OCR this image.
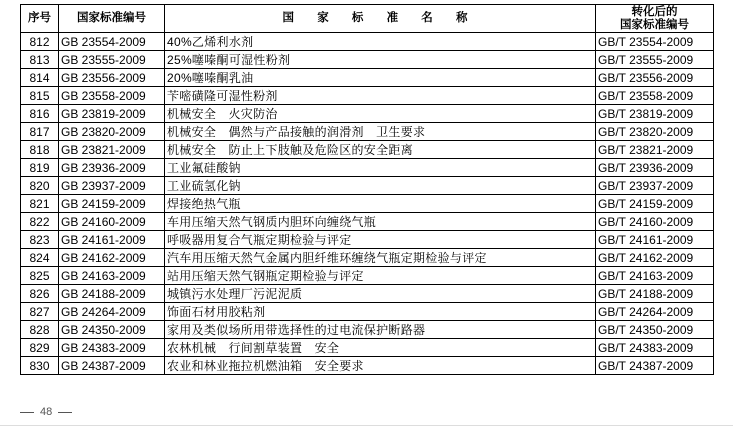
序号	国家标准编号	国 家 标 准 名 称	转化后的
国家标准编号

812	GB 23554-2009	40%乙烯利水剂	GB/T 23554-2009
813	GB 23555-2009	25%噻嗪酮可湿性粉剂	GB/T 23555-2009
814	GB 23556-2009	20%噻嗪酮乳油	GB/T 23556-2009
815	GB 23558-2009	苄嘧磺隆可湿性粉剂	GB/T 23558-2009
816	GB 23819-2009	机械安全　火灾防治	GB/T 23819-2009
817	GB 23820-2009	机械安全　偶然与产品接触的润滑剂　卫生要求	GB/T 23820-2009
818	GB 23821-2009	机械安全　防止上下肢触及危险区的安全距离	GB/T 23821-2009
819	GB 23936-2009	工业氟硅酸钠	GB/T 23936-2009
820	GB 23937-2009	工业硫氢化钠	GB/T 23937-2009
821	GB 24159-2009	焊接绝热气瓶	GB/T 24159-2009
822	GB 24160-2009	车用压缩天然气钢质内胆环向缠绕气瓶	GB/T 24160-2009
823	GB 24161-2009	呼吸器用复合气瓶定期检验与评定	GB/T 24161-2009
824	GB 24162-2009	汽车用压缩天然气金属内胆纤维环缠绕气瓶定期检验与评定	GB/T 24162-2009
825	GB 24163-2009	站用压缩天然气钢瓶定期检验与评定	GB/T 24163-2009
826	GB 24188-2009	城镇污水处理厂污泥泥质	GB/T 24188-2009
827	GB 24264-2009	饰面石材用胶粘剂	GB/T 24264-2009
828	GB 24350-2009	家用及类似场所用带选择性的过电流保护断路器	GB/T 24350-2009
829	GB 24383-2009	农林机械　行间割草装置　安全	GB/T 24383-2009
830	GB 24387-2009	农业和林业拖拉机燃油箱　安全要求	GB/T 24387-2009
48
